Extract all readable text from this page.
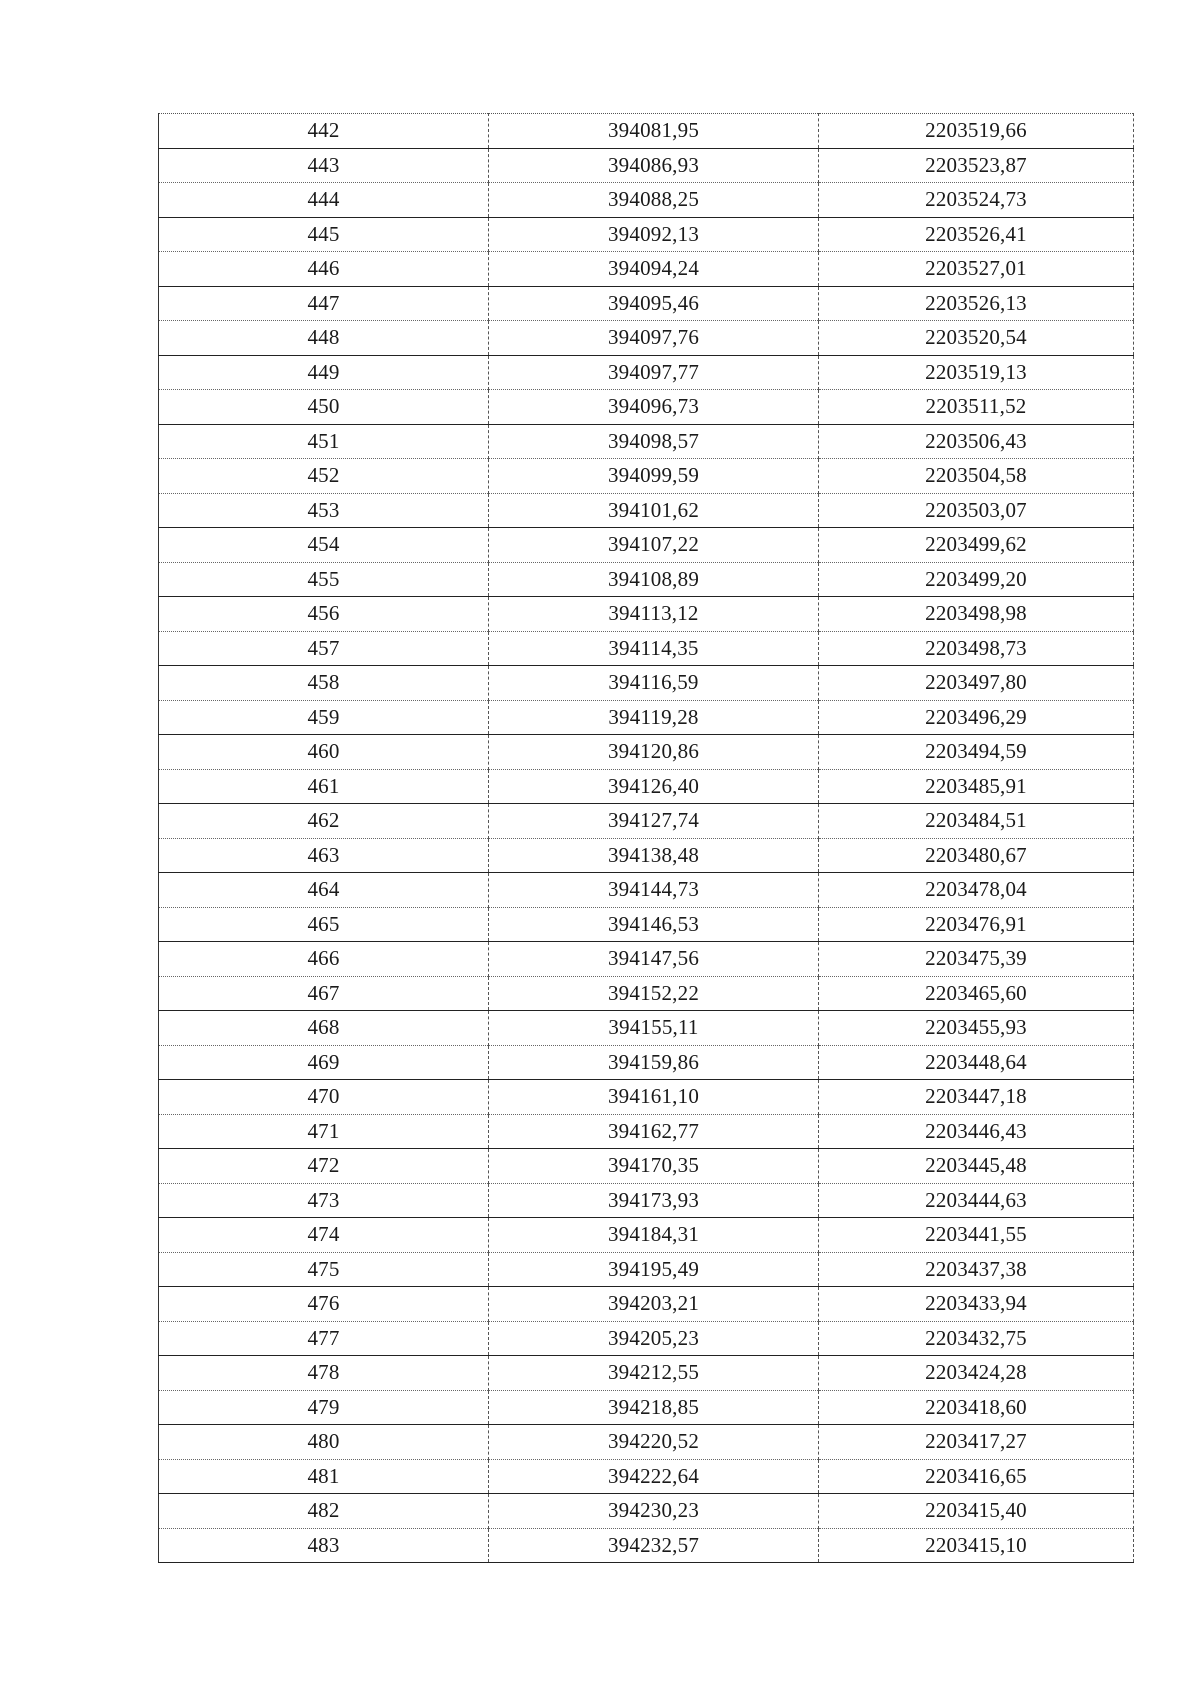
442	394081,95	2203519,66
443	394086,93	2203523,87
444	394088,25	2203524,73
445	394092,13	2203526,41
446	394094,24	2203527,01
447	394095,46	2203526,13
448	394097,76	2203520,54
449	394097,77	2203519,13
450	394096,73	2203511,52
451	394098,57	2203506,43
452	394099,59	2203504,58
453	394101,62	2203503,07
454	394107,22	2203499,62
455	394108,89	2203499,20
456	394113,12	2203498,98
457	394114,35	2203498,73
458	394116,59	2203497,80
459	394119,28	2203496,29
460	394120,86	2203494,59
461	394126,40	2203485,91
462	394127,74	2203484,51
463	394138,48	2203480,67
464	394144,73	2203478,04
465	394146,53	2203476,91
466	394147,56	2203475,39
467	394152,22	2203465,60
468	394155,11	2203455,93
469	394159,86	2203448,64
470	394161,10	2203447,18
471	394162,77	2203446,43
472	394170,35	2203445,48
473	394173,93	2203444,63
474	394184,31	2203441,55
475	394195,49	2203437,38
476	394203,21	2203433,94
477	394205,23	2203432,75
478	394212,55	2203424,28
479	394218,85	2203418,60
480	394220,52	2203417,27
481	394222,64	2203416,65
482	394230,23	2203415,40
483	394232,57	2203415,10
